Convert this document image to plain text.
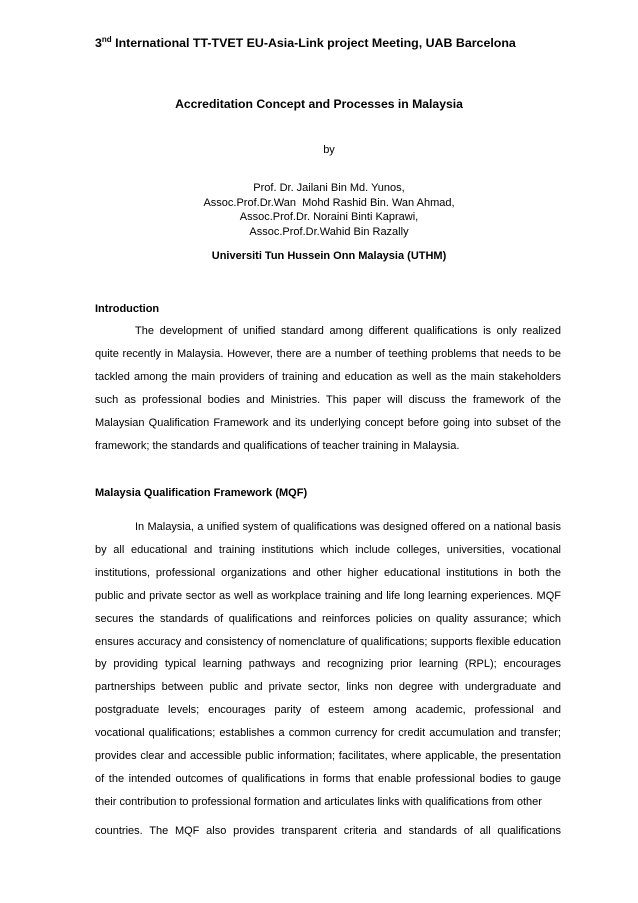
3nd International TT-TVET EU-Asia-Link project Meeting, UAB Barcelona
Accreditation Concept and Processes in Malaysia
by
Prof. Dr. Jailani Bin Md. Yunos,
Assoc.Prof.Dr.Wan  Mohd Rashid Bin. Wan Ahmad,
Assoc.Prof.Dr. Noraini Binti Kaprawi,
Assoc.Prof.Dr.Wahid Bin Razally
Universiti Tun Hussein Onn Malaysia (UTHM)
Introduction
The development of unified standard among different qualifications is only realized quite recently in Malaysia. However, there are a number of teething problems that needs to be tackled among the main providers of training and education as well as the main stakeholders such as professional bodies and Ministries. This paper will discuss the framework of the Malaysian Qualification Framework and its underlying concept before going into subset of the framework; the standards and qualifications of teacher training in Malaysia.
Malaysia Qualification Framework (MQF)
In Malaysia, a unified system of qualifications was designed offered on a national basis by all educational and training institutions which include colleges, universities, vocational institutions, professional organizations and other higher educational institutions in both the public and private sector as well as workplace training and life long learning experiences. MQF secures the standards of qualifications and reinforces policies on quality assurance; which ensures accuracy and consistency of nomenclature of qualifications; supports flexible education by providing typical learning pathways and recognizing prior learning (RPL); encourages partnerships between public and private sector, links non degree with undergraduate and postgraduate levels; encourages parity of esteem among academic, professional and vocational qualifications; establishes a common currency for credit accumulation and transfer; provides clear and accessible public information; facilitates, where applicable, the presentation of the intended outcomes of qualifications in forms that enable professional bodies to gauge their contribution to professional formation and articulates links with qualifications from other
countries. The MQF also provides transparent criteria and standards of all qualifications
